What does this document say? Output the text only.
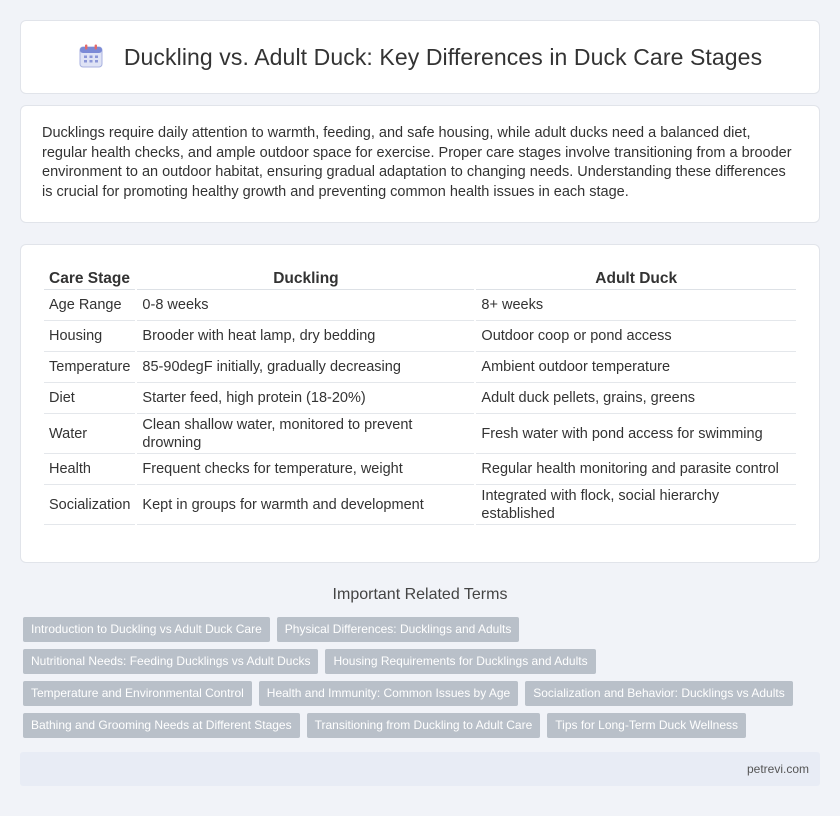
Duckling vs. Adult Duck: Key Differences in Duck Care Stages

Ducklings require daily attention to warmth, feeding, and safe housing, while adult ducks need a balanced diet, regular health checks, and ample outdoor space for exercise. Proper care stages involve transitioning from a brooder environment to an outdoor habitat, ensuring gradual adaptation to changing needs. Understanding these differences is crucial for promoting healthy growth and preventing common health issues in each stage.

Care Stage	Duckling	Adult Duck
Age Range	0-8 weeks	8+ weeks
Housing	Brooder with heat lamp, dry bedding	Outdoor coop or pond access
Temperature	85-90degF initially, gradually decreasing	Ambient outdoor temperature
Diet	Starter feed, high protein (18-20%)	Adult duck pellets, grains, greens
Water	Clean shallow water, monitored to prevent drowning	Fresh water with pond access for swimming
Health	Frequent checks for temperature, weight	Regular health monitoring and parasite control
Socialization	Kept in groups for warmth and development	Integrated with flock, social hierarchy established
Important Related Terms
Introduction to Duckling vs Adult Duck Care	Physical Differences: Ducklings and Adults
Nutritional Needs: Feeding Ducklings vs Adult Ducks	Housing Requirements for Ducklings and Adults
Temperature and Environmental Control	Health and Immunity: Common Issues by Age	Socialization and Behavior: Ducklings vs Adults
Bathing and Grooming Needs at Different Stages	Transitioning from Duckling to Adult Care	Tips for Long-Term Duck Wellness
petrevi.com
